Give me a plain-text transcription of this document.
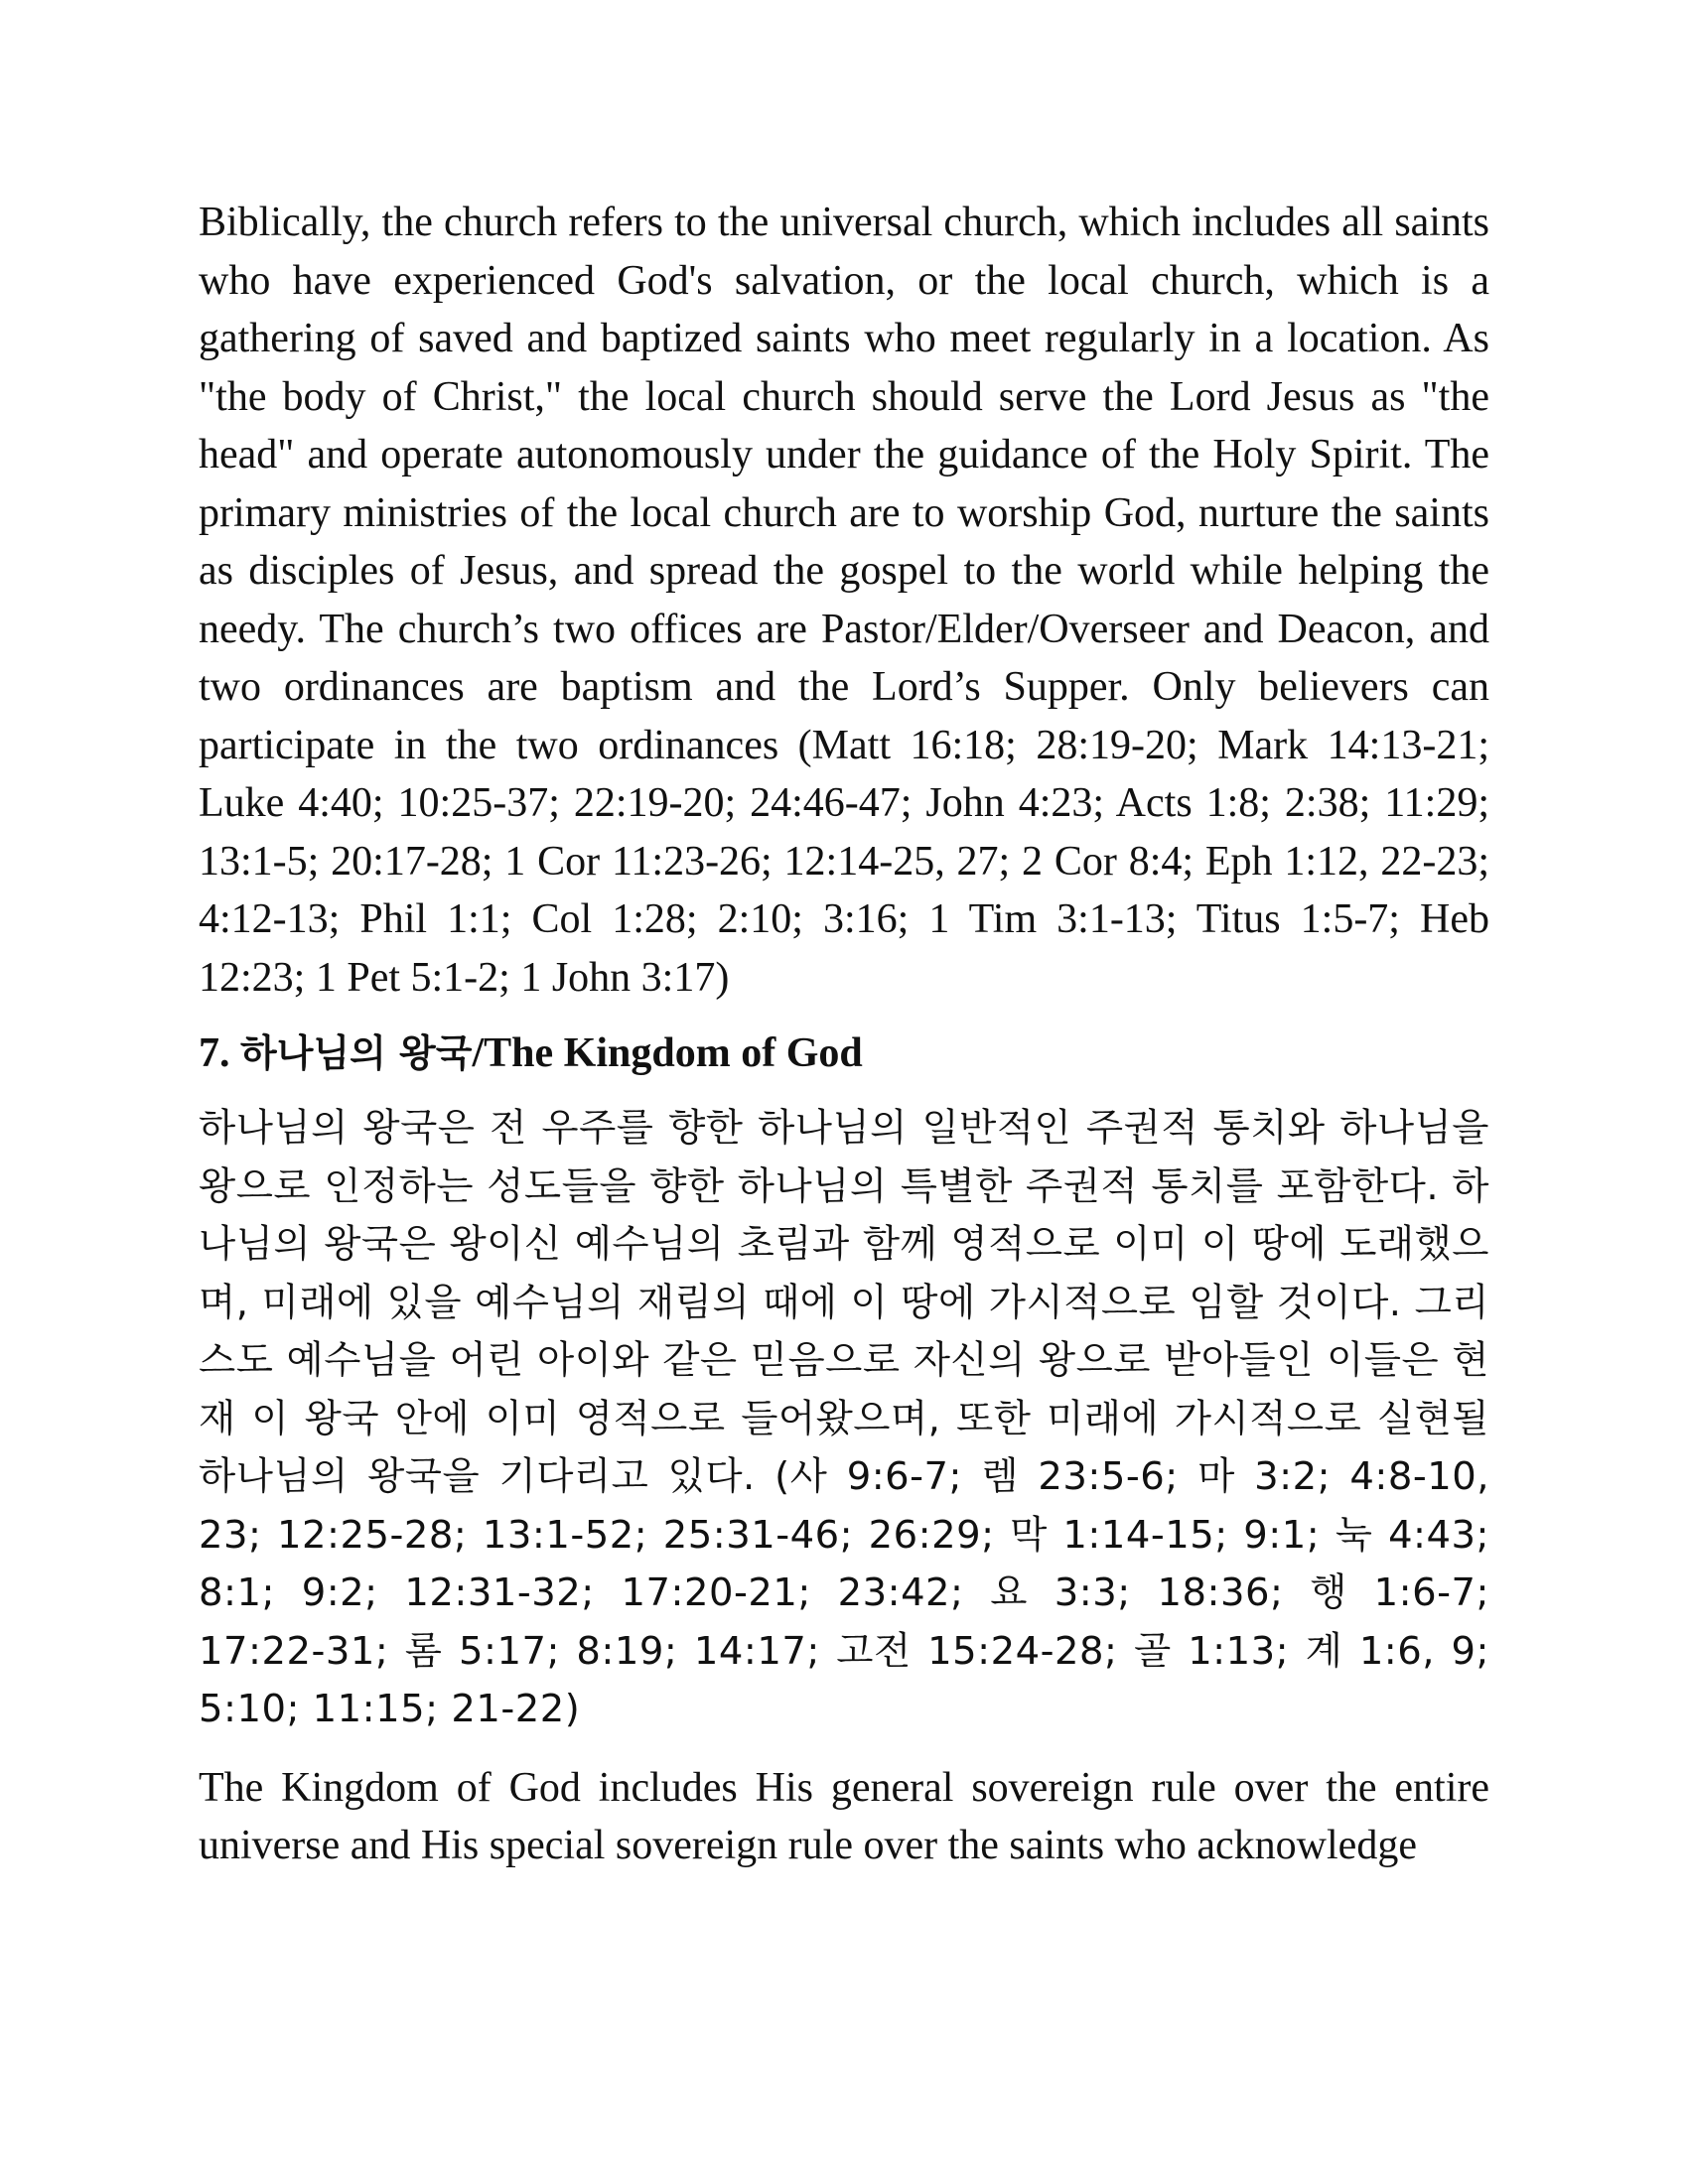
Biblically, the church refers to the universal church, which includes all saints who have experienced God's salvation, or the local church, which is a gathering of saved and baptized saints who meet regularly in a location. As "the body of Christ," the local church should serve the Lord Jesus as "the head" and operate autonomously under the guidance of the Holy Spirit. The primary ministries of the local church are to worship God, nurture the saints as disciples of Jesus, and spread the gospel to the world while helping the needy. The church’s two offices are Pastor/Elder/Overseer and Deacon, and two ordinances are baptism and the Lord’s Supper. Only believers can participate in the two ordinances (Matt 16:18; 28:19-20; Mark 14:13-21; Luke 4:40; 10:25-37; 22:19-20; 24:46-47; John 4:23; Acts 1:8; 2:38; 11:29; 13:1-5; 20:17-28; 1 Cor 11:23-26; 12:14-25, 27; 2 Cor 8:4; Eph 1:12, 22-23; 4:12-13; Phil 1:1; Col 1:28; 2:10; 3:16; 1 Tim 3:1-13; Titus 1:5-7; Heb 12:23; 1 Pet 5:1-2; 1 John 3:17)

7. 하나님의 왕국/The Kingdom of God

하나님의 왕국은 전 우주를 향한 하나님의 일반적인 주권적 통치와 하나님을 왕으로 인정하는 성도들을 향한 하나님의 특별한 주권적 통치를 포함한다. 하나님의 왕국은 왕이신 예수님의 초림과 함께 영적으로 이미 이 땅에 도래했으며, 미래에 있을 예수님의 재림의 때에 이 땅에 가시적으로 임할 것이다. 그리스도 예수님을 어린 아이와 같은 믿음으로 자신의 왕으로 받아들인 이들은 현재 이 왕국 안에 이미 영적으로 들어왔으며, 또한 미래에 가시적으로 실현될 하나님의 왕국을 기다리고 있다. (사 9:6-7; 렘 23:5-6; 마 3:2; 4:8-10, 23; 12:25-28; 13:1-52; 25:31-46; 26:29; 막 1:14-15; 9:1; 눅 4:43; 8:1; 9:2; 12:31-32; 17:20-21; 23:42; 요 3:3; 18:36; 행 1:6-7; 17:22-31; 롬 5:17; 8:19; 14:17; 고전 15:24-28; 골 1:13; 계 1:6, 9; 5:10; 11:15; 21-22)

The Kingdom of God includes His general sovereign rule over the entire universe and His special sovereign rule over the saints who acknowledge
